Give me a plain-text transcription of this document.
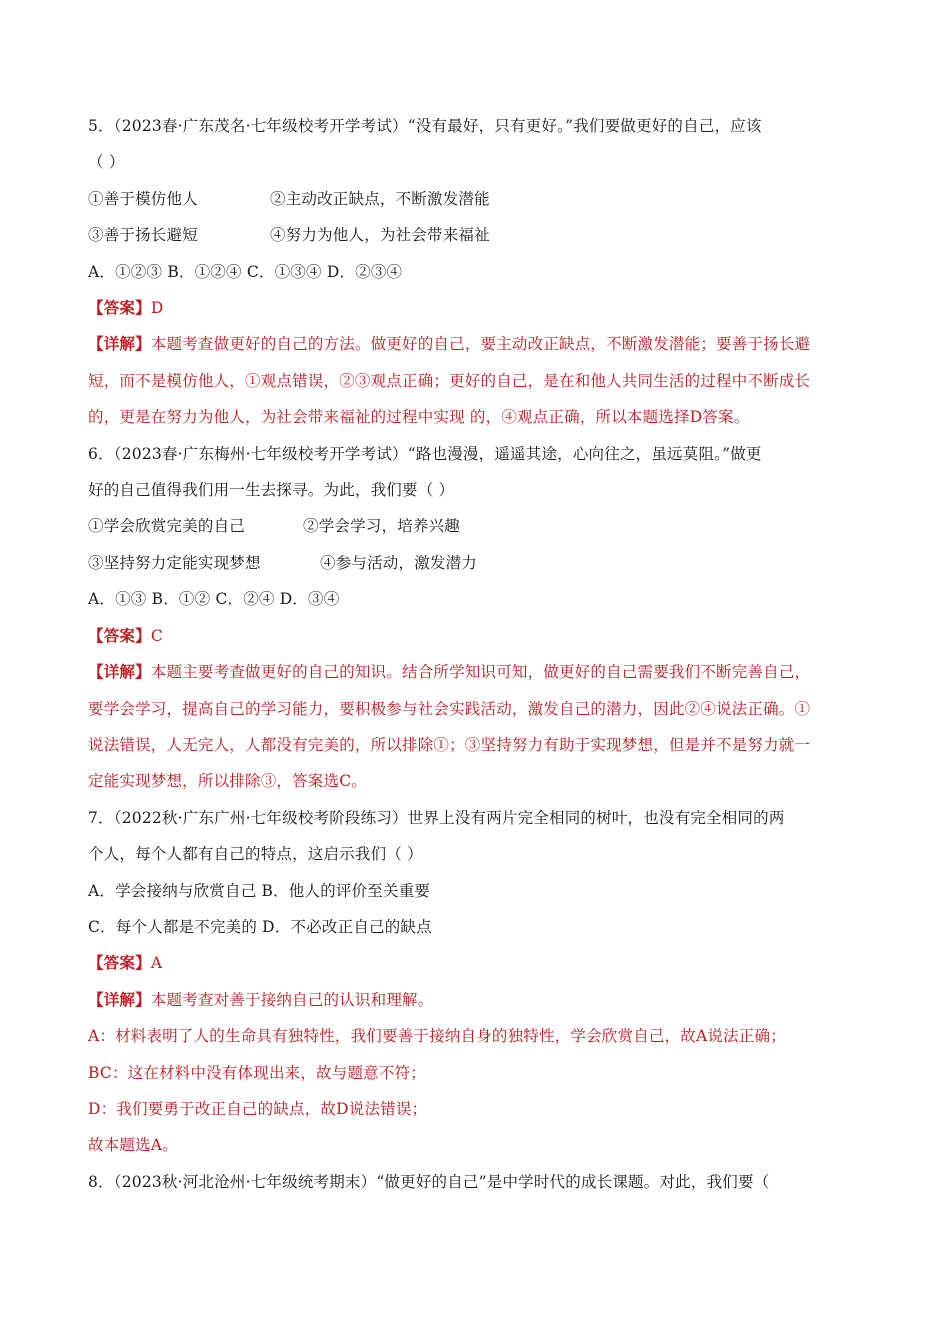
5．（2023春·广东茂名·七年级校考开学考试）“没有最好，只有更好。”我们要做更好的自己，应该
（ ）
①善于模仿他人	②主动改正缺点，不断激发潜能
③善于扬长避短	④努力为他人，为社会带来福祉
A．①②③ B．①②④ C．①③④ D．②③④
【答案】D
【详解】本题考查做更好的自己的方法。做更好的自己，要主动改正缺点，不断激发潜能；要善于扬长避
短，而不是模仿他人，①观点错误，②③观点正确；更好的自己，是在和他人共同生活的过程中不断成长
的，更是在努力为他人，为社会带来福祉的过程中实现 的，④观点正确，所以本题选择D答案。
6．（2023春·广东梅州·七年级校考开学考试）“路也漫漫，遥遥其途，心向往之，虽远莫阻。”做更
好的自己值得我们用一生去探寻。为此，我们要（ ）
①学会欣赏完美的自己	②学会学习，培养兴趣
③坚持努力定能实现梦想	④参与活动，激发潜力
A．①③ B．①② C．②④ D．③④
【答案】C
【详解】本题主要考查做更好的自己的知识。结合所学知识可知，做更好的自己需要我们不断完善自己，
要学会学习，提高自己的学习能力，要积极参与社会实践活动，激发自己的潜力，因此②④说法正确。①
说法错误，人无完人，人都没有完美的，所以排除①；③坚持努力有助于实现梦想，但是并不是努力就一
定能实现梦想，所以排除③，答案选C。
7．（2022秋·广东广州·七年级校考阶段练习）世界上没有两片完全相同的树叶，也没有完全相同的两
个人，每个人都有自己的特点，这启示我们（ ）
A．学会接纳与欣赏自己 B．他人的评价至关重要
C．每个人都是不完美的 D．不必改正自己的缺点
【答案】A
【详解】本题考查对善于接纳自己的认识和理解。
A：材料表明了人的生命具有独特性，我们要善于接纳自身的独特性，学会欣赏自己，故A说法正确；
BC：这在材料中没有体现出来，故与题意不符；
D：我们要勇于改正自己的缺点，故D说法错误；
故本题选A。
8．（2023秋·河北沧州·七年级统考期末）“做更好的自己”是中学时代的成长课题。对此，我们要（
